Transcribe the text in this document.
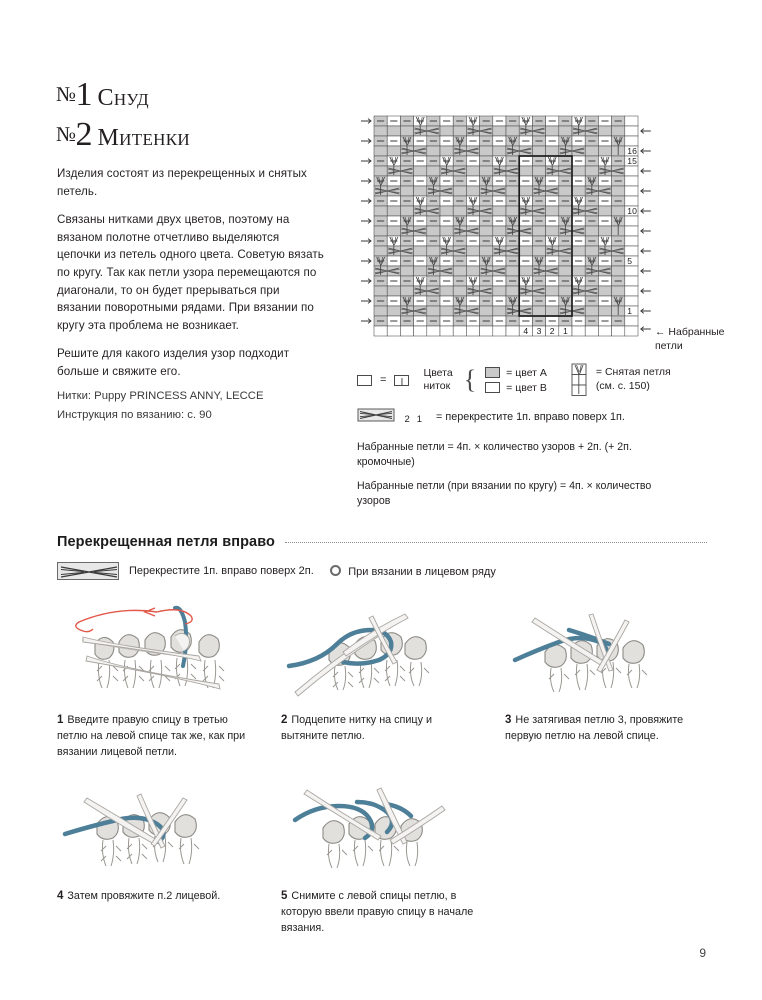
№1 Снуд
№2 Митенки

Изделия состоят из перекрещенных и снятых петель.

Связаны нитками двух цветов, поэтому на вязаном полотне отчетливо выделяются цепочки из петель одного цвета. Советую вязать по кругу. Так как петли узора перемещаются по диагонали, то он будет прерываться при вязании поворотными рядами. При вязании по кругу эта проблема не возникает.

Решите для какого изделия узор подходит больше и свяжите его.

Нитки: Puppy PRINCESS ANNY, LECCE

Инструкция по вязанию: с. 90

1
5
10
15
16
4 3 2 1	← Набранные петли
=
Цвета
ниток {	= цвет А
= цвет В
= Снятая петля
(см. с. 150)
21 = перекрестите 1п. вправо поверх 1п.

Набранные петли = 4п. × количество узоров + 2п. (+ 2п. кромочные)

Набранные петли (при вязании по кругу) = 4п. × количество узоров

Перекрещенная петля вправо
Перекрестите 1п. вправо поверх 2п.	При вязании в лицевом ряду
1 Введите правую спицу в третью петлю на левой спице так же, как при вязании лицевой петли.
2 Подцепите нитку на спицу и вытяните петлю.
3 Не затягивая петлю 3, провяжите первую петлю на левой спице.
4 Затем провяжите п.2 лицевой.	5 Снимите с левой спицы петлю, в которую ввели правую спицу в начале вязания.
9
